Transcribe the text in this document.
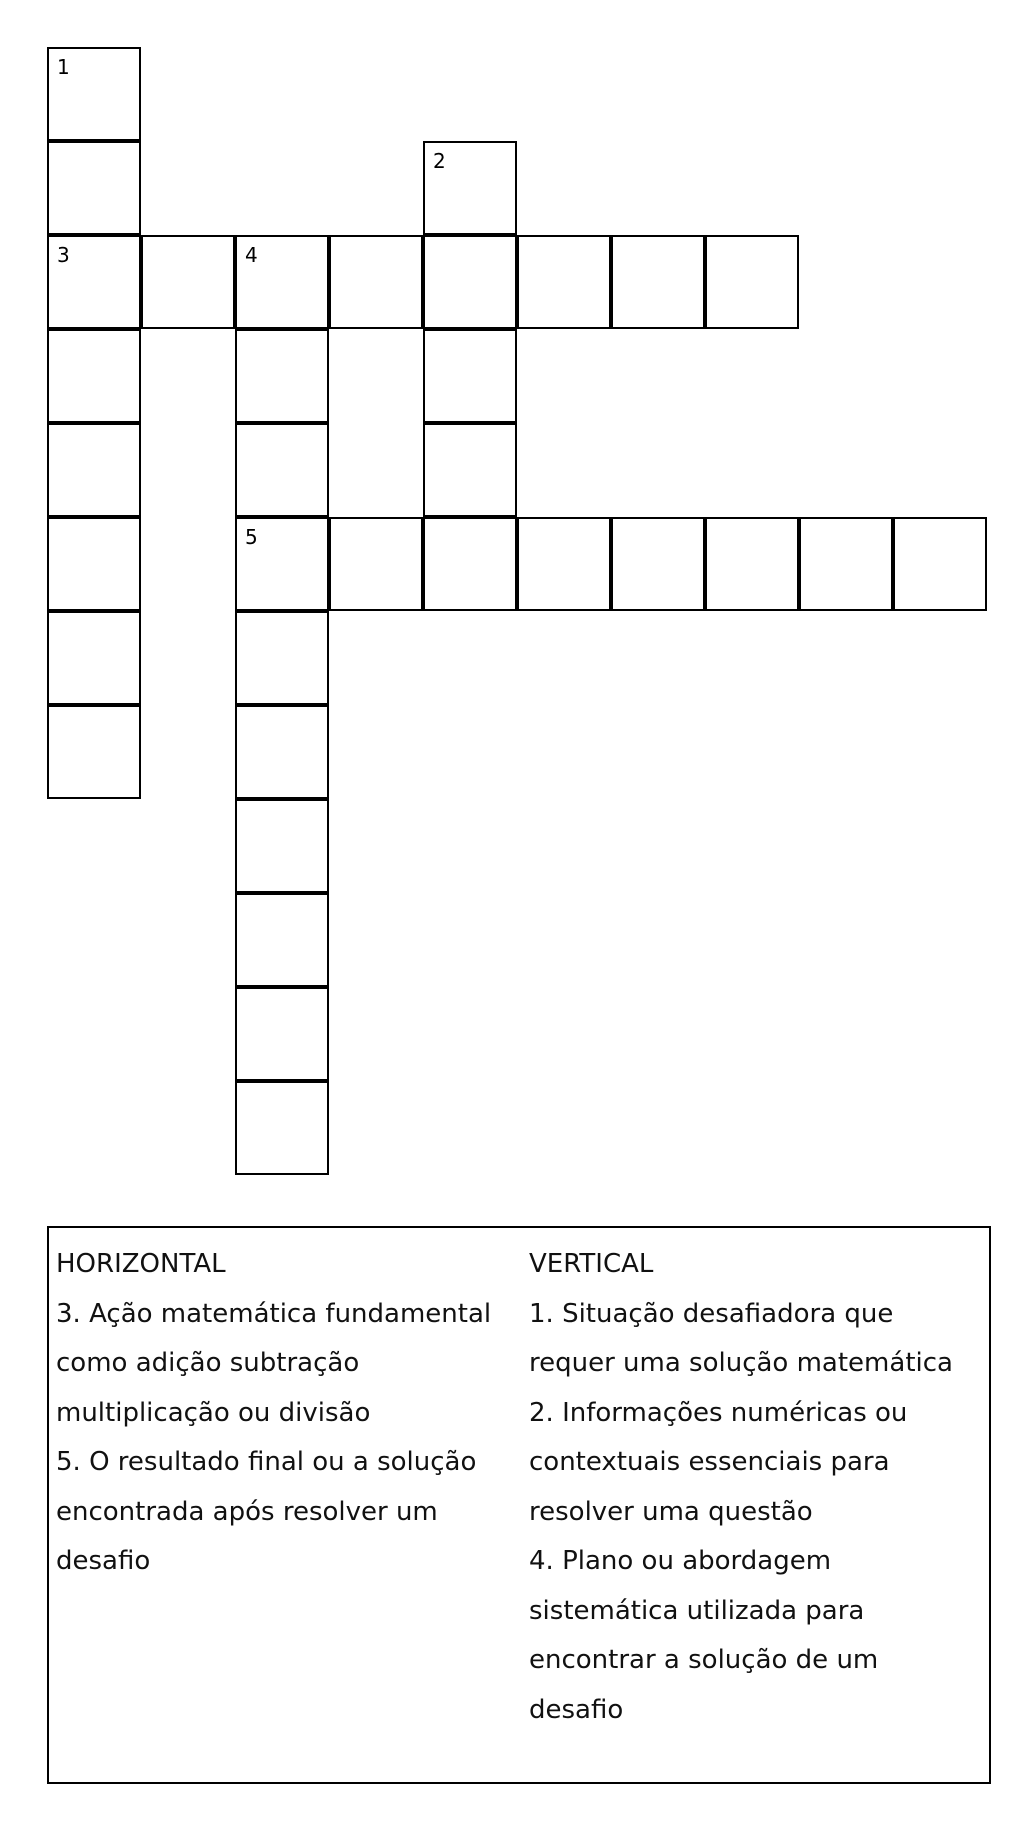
1
3	4
5
2
HORIZONTAL
3. Ação matemática fundamental
como adição subtração
multiplicação ou divisão
5. O resultado final ou a solução
encontrada após resolver um
desafio
VERTICAL
1. Situação desafiadora que
requer uma solução matemática
2. Informações numéricas ou
contextuais essenciais para
resolver uma questão
4. Plano ou abordagem
sistemática utilizada para
encontrar a solução de um
desafio
